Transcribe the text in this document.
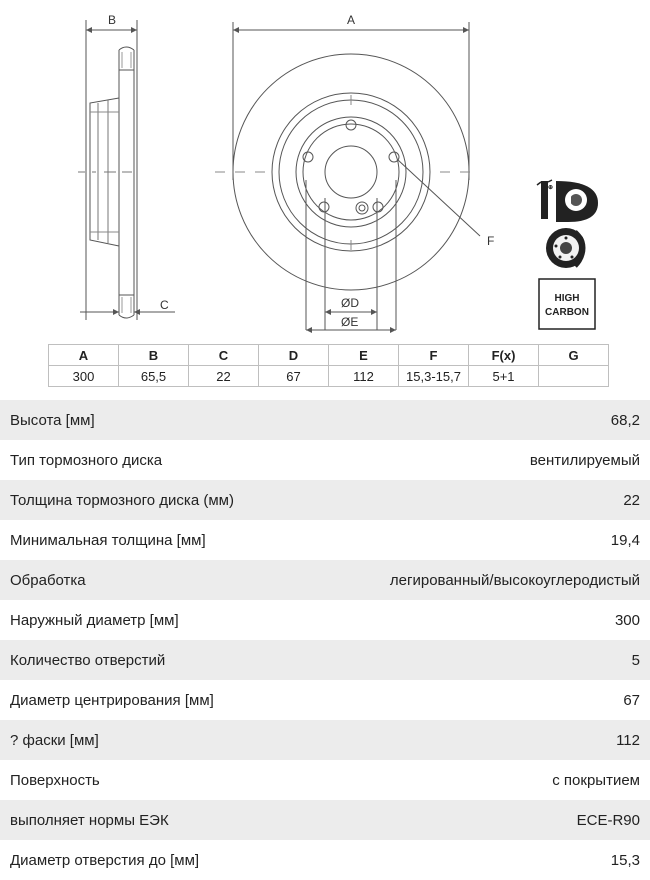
B	A
C
F
ØD
ØE
⊕
HIGH
CARBON
A	B	C	D	E	F	F(x)	G
300	65,5	22	67	112	15,3-15,7	5+1	
Высота [мм]	68,2
Тип тормозного диска	вентилируемый
Толщина тормозного диска (мм)	22
Минимальная толщина [мм]	19,4
Обработка	легированный/высокоуглеродистый
Наружный диаметр [мм]	300
Количество отверстий	5
Диаметр центрирования [мм]	67
? фаски [мм]	112
Поверхность	с покрытием
выполняет нормы ЕЭК	ECE-R90
Диаметр отверстия до [мм]	15,3
